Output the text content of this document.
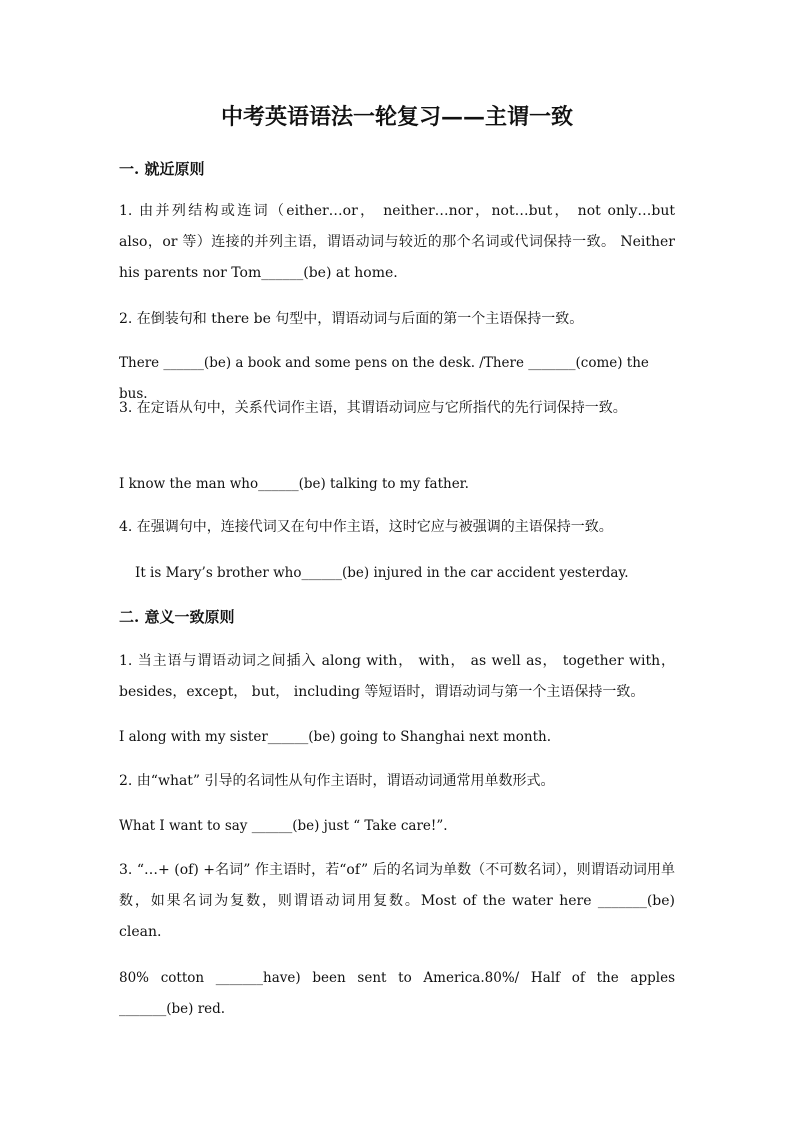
中考英语语法一轮复习——主谓一致

一. 就近原则

1. 由并列结构或连词（either…or， neither…nor，not…but， not only…but also，or 等）连接的并列主语，谓语动词与较近的那个名词或代词保持一致。 Neither his parents nor Tom______(be) at home.

2. 在倒装句和 there be 句型中，谓语动词与后面的第一个主语保持一致。

There ______(be) a book and some pens on the desk. /There _______(come) the bus.

3. 在定语从句中，关系代词作主语，其谓语动词应与它所指代的先行词保持一致。

I know the man who______(be) talking to my father.

4. 在强调句中，连接代词又在句中作主语，这时它应与被强调的主语保持一致。

It is Mary’s brother who______(be) injured in the car accident yesterday.

二. 意义一致原则

1. 当主语与谓语动词之间插入 along with， with， as well as， together with，besides，except， but， including 等短语时，谓语动词与第一个主语保持一致。

I along with my sister______(be) going to Shanghai next month.

2. 由“what” 引导的名词性从句作主语时，谓语动词通常用单数形式。

What I want to say ______(be) just “ Take care!”.

3. “…+ (of) +名词” 作主语时，若“of” 后的名词为单数（不可数名词），则谓语动词用单数，如果名词为复数，则谓语动词用复数。Most of the water here _______(be) clean.

80% cotton _______have) been sent to America.80%/ Half of the apples _______(be) red.
